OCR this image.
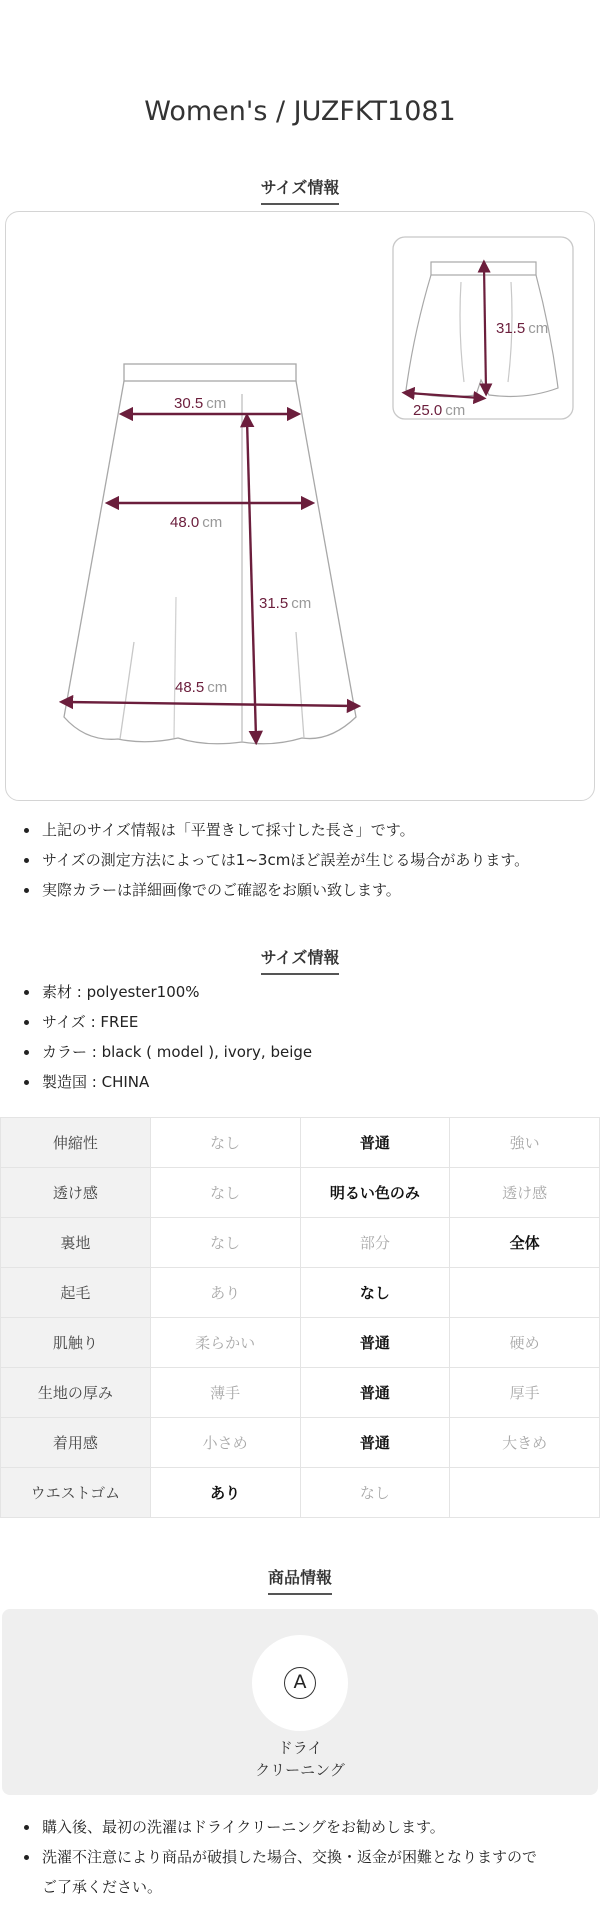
Women's / JUZFKT1081
サイズ情報
30.5 cm
48.0 cm
31.5 cm
48.5 cm
31.5 cm
25.0 cm
上記のサイズ情報は「平置きして採寸した長さ」です。
サイズの測定方法によっては1~3cmほど誤差が生じる場合があります。
実際カラーは詳細画像でのご確認をお願い致します。
サイズ情報
素材 : polyester100%
サイズ : FREE
カラー : black ( model ), ivory, beige
製造国 : CHINA
伸縮性	なし	普通	強い
透け感	なし	明るい色のみ	透け感
裏地	なし	部分	全体
起毛	あり	なし	
肌触り	柔らかい	普通	硬め
生地の厚み	薄手	普通	厚手
着用感	小さめ	普通	大きめ
ウエストゴム	あり	なし	
商品情報
A
ドライ
クリーニング
購入後、最初の洗濯はドライクリーニングをお勧めします。
洗濯不注意により商品が破損した場合、交換・返金が困難となりますので
ご了承ください。
